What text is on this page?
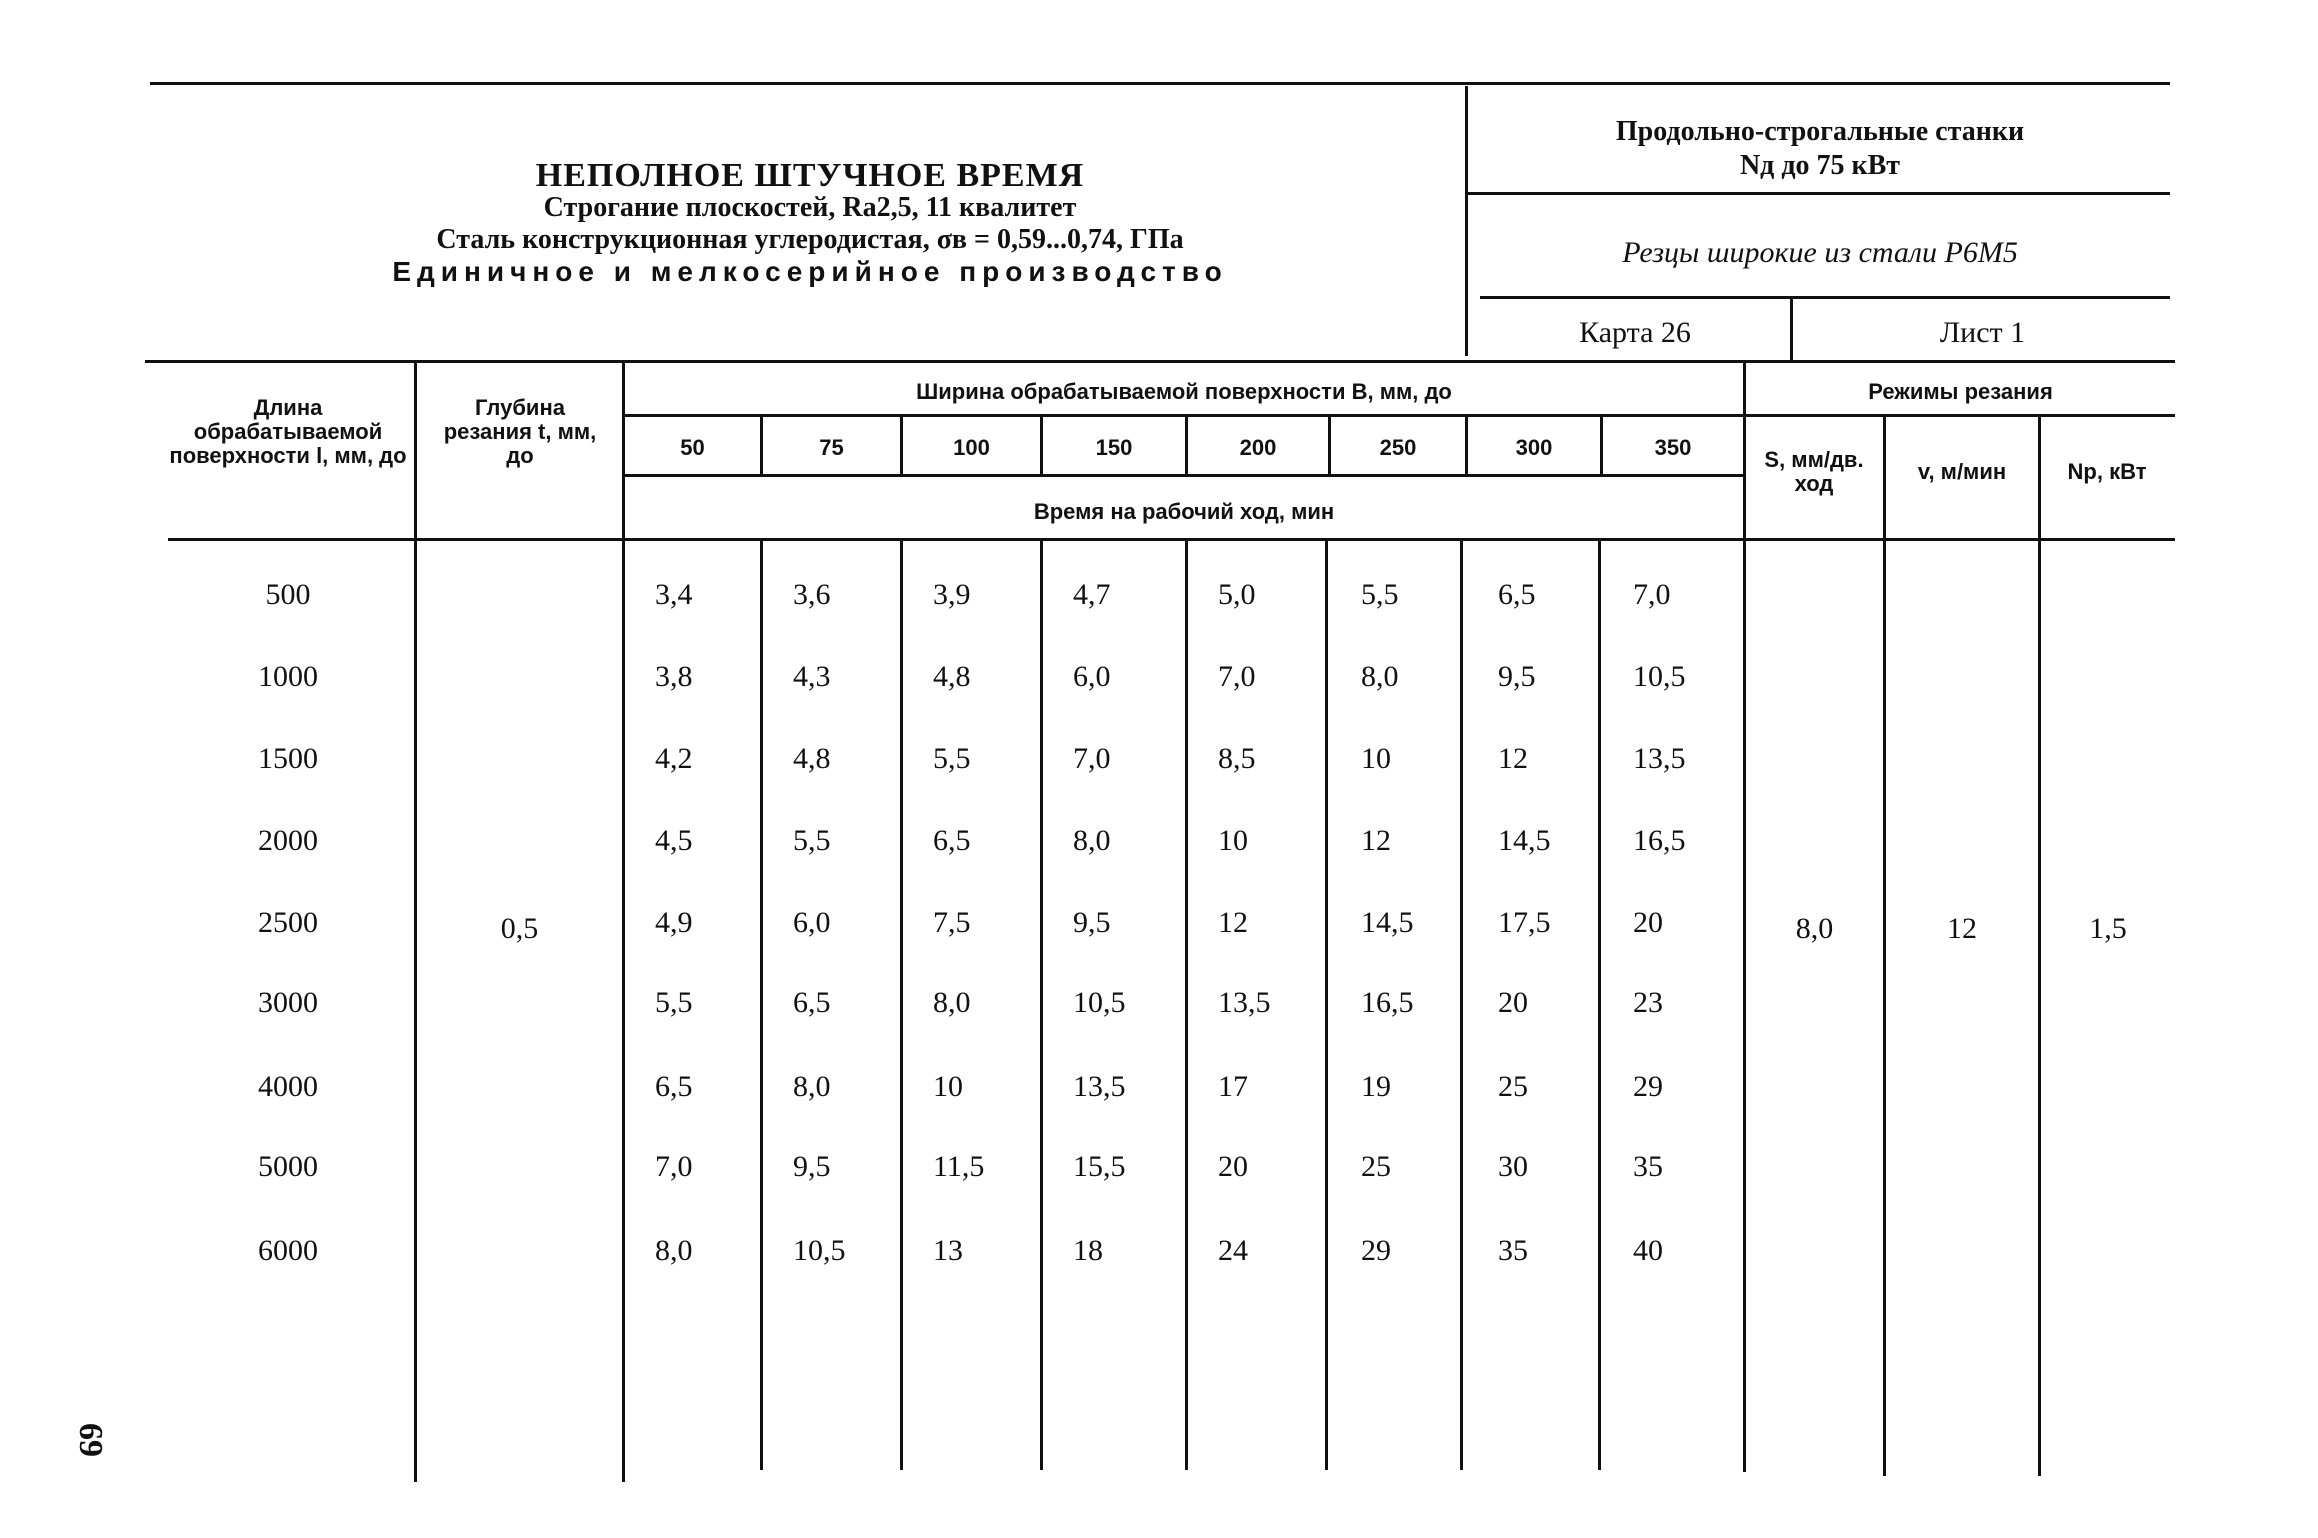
НЕПОЛНОЕ ШТУЧНОЕ ВРЕМЯ
Строгание плоскостей, Ra2,5, 11 квалитет
Сталь конструкционная углеродистая, σв = 0,59...0,74, ГПа
Единичное и мелкосерийное производство
Продольно-строгальные станки
Nд до 75 кВт
Резцы широкие из стали Р6М5
Карта 26	Лист 1
Длина обрабатываемой поверхности l, мм, до
Глубина резания t, мм, до
Ширина обрабатываемой поверхности В, мм, до	Режимы резания
Время на рабочий ход, мин
50	75	100	150	200	250	300	350	S, мм/дв. ход	v, м/мин	Np, кВт
500	3,4	3,6	3,9	4,7	5,0	5,5	6,5	7,0
1000	3,8	4,3	4,8	6,0	7,0	8,0	9,5	10,5
1500	4,2	4,8	5,5	7,0	8,5	10	12	13,5
2000	4,5	5,5	6,5	8,0	10	12	14,5	16,5
2500	4,9	6,0	7,5	9,5	12	14,5	17,5	20
3000	5,5	6,5	8,0	10,5	13,5	16,5	20	23
4000	6,5	8,0	10	13,5	17	19	25	29
5000	7,0	9,5	11,5	15,5	20	25	30	35
6000	8,0	10,5	13	18	24	29	35	40
0,5	8,0	12	1,5
69
